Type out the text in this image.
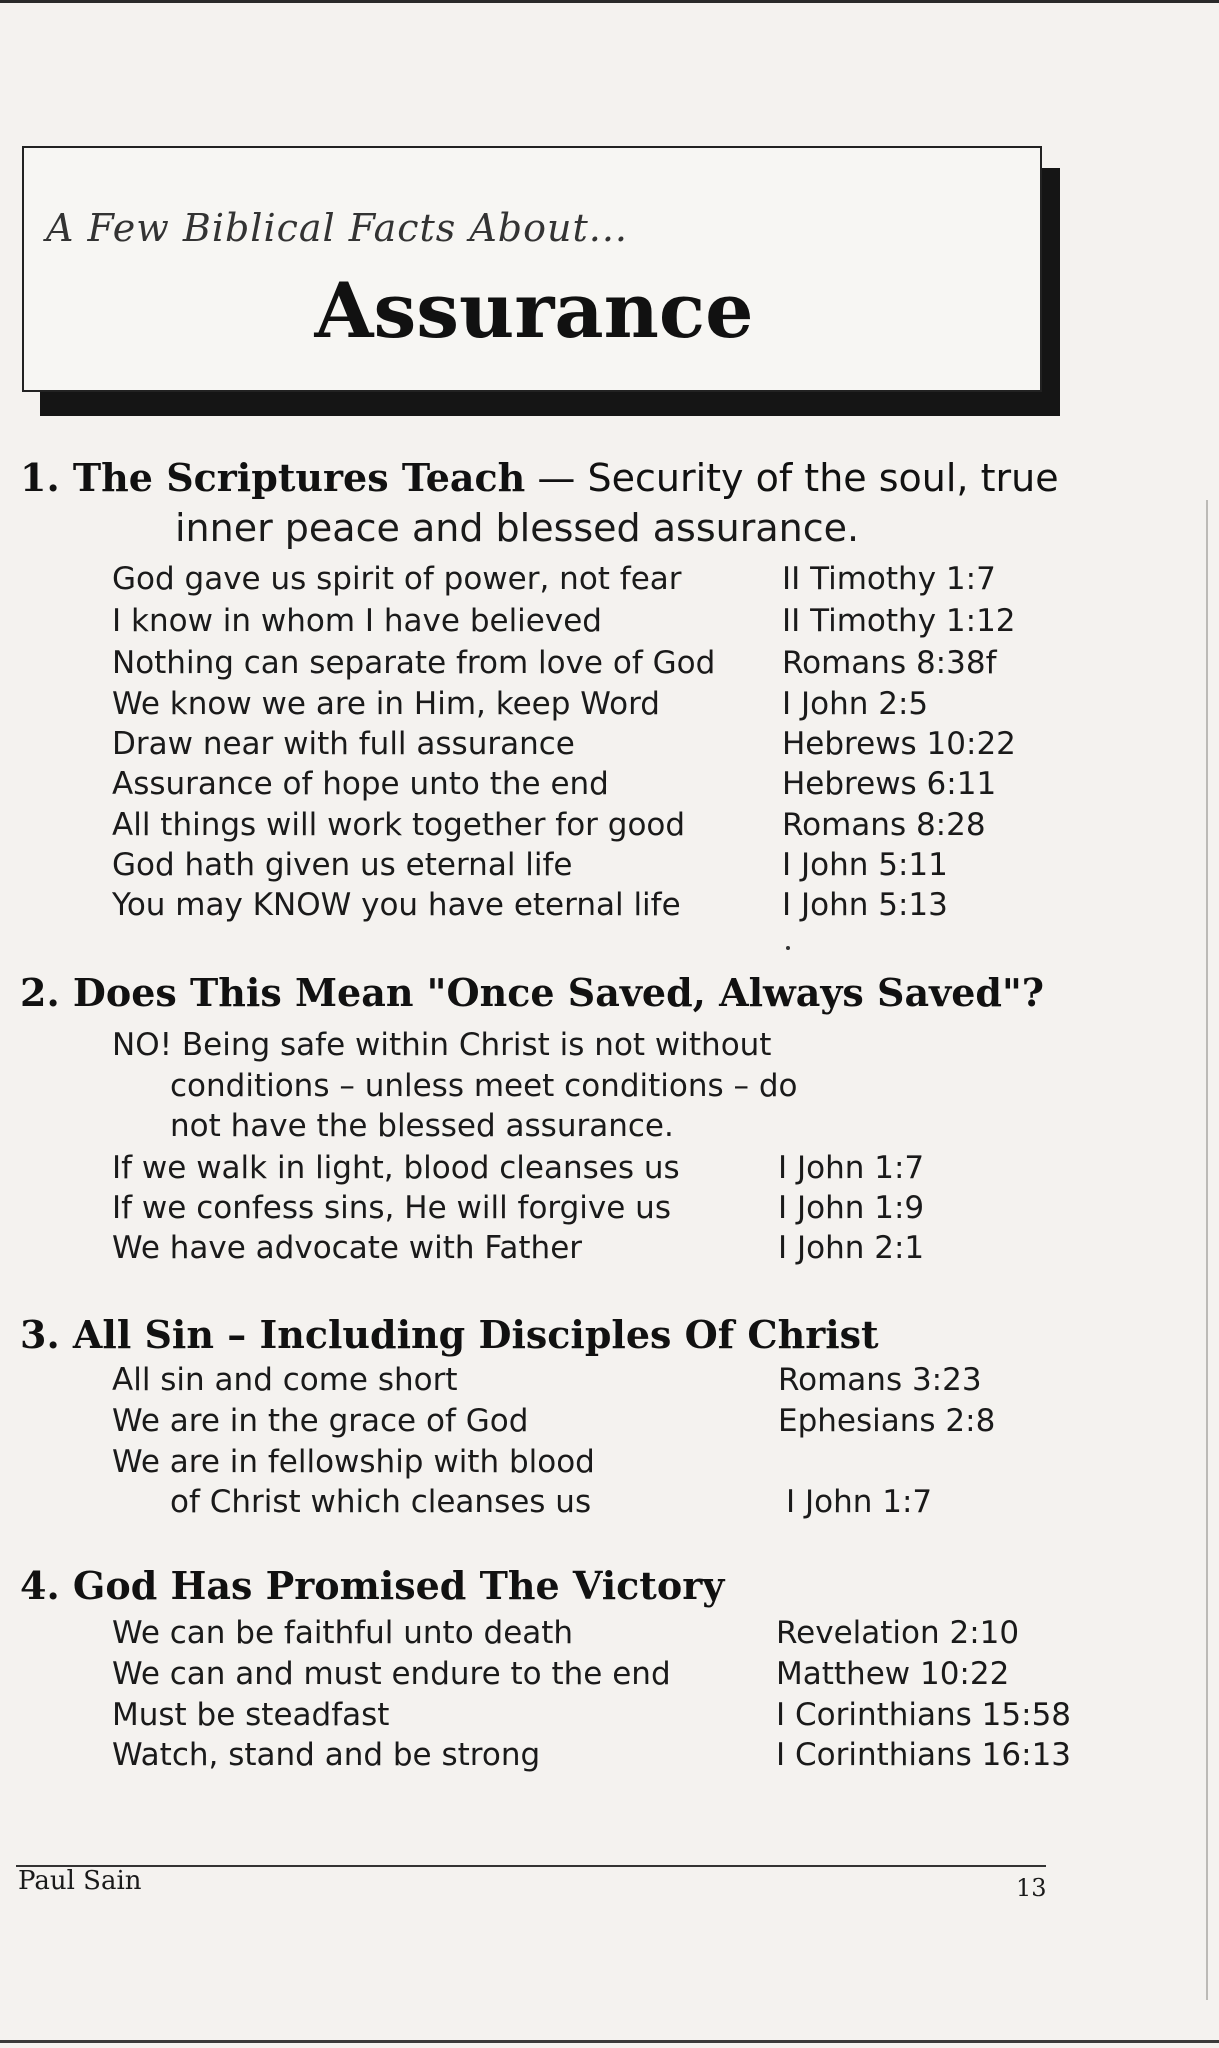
A Few Biblical Facts About...
Assurance
1. The Scriptures Teach — Security of the soul, true
inner peace and blessed assurance.
God gave us spirit of power, not fear	II Timothy 1:7
I know in whom I have believed	II Timothy 1:12
Nothing can separate from love of God Romans 8:38f
We know we are in Him, keep Word	I John 2:5
Draw near with full assurance	Hebrews 10:22
Assurance of hope unto the end	Hebrews 6:11
All things will work together for good	Romans 8:28
God hath given us eternal life	I John 5:11
You may KNOW you have eternal life	I John 5:13
2. Does This Mean "Once Saved, Always Saved"?
NO! Being safe within Christ is not without
conditions – unless meet conditions – do
not have the blessed assurance.
If we walk in light, blood cleanses us	I John 1:7
If we confess sins, He will forgive us	I John 1:9
We have advocate with Father	I John 2:1
3. All Sin – Including Disciples Of Christ
All sin and come short	Romans 3:23
We are in the grace of God	Ephesians 2:8
We are in fellowship with blood
of Christ which cleanses us	I John 1:7
4. God Has Promised The Victory
We can be faithful unto death	Revelation 2:10
We can and must endure to the end	Matthew 10:22
Must be steadfast	I Corinthians 15:58
Watch, stand and be strong	I Corinthians 16:13
Paul Sain	13
